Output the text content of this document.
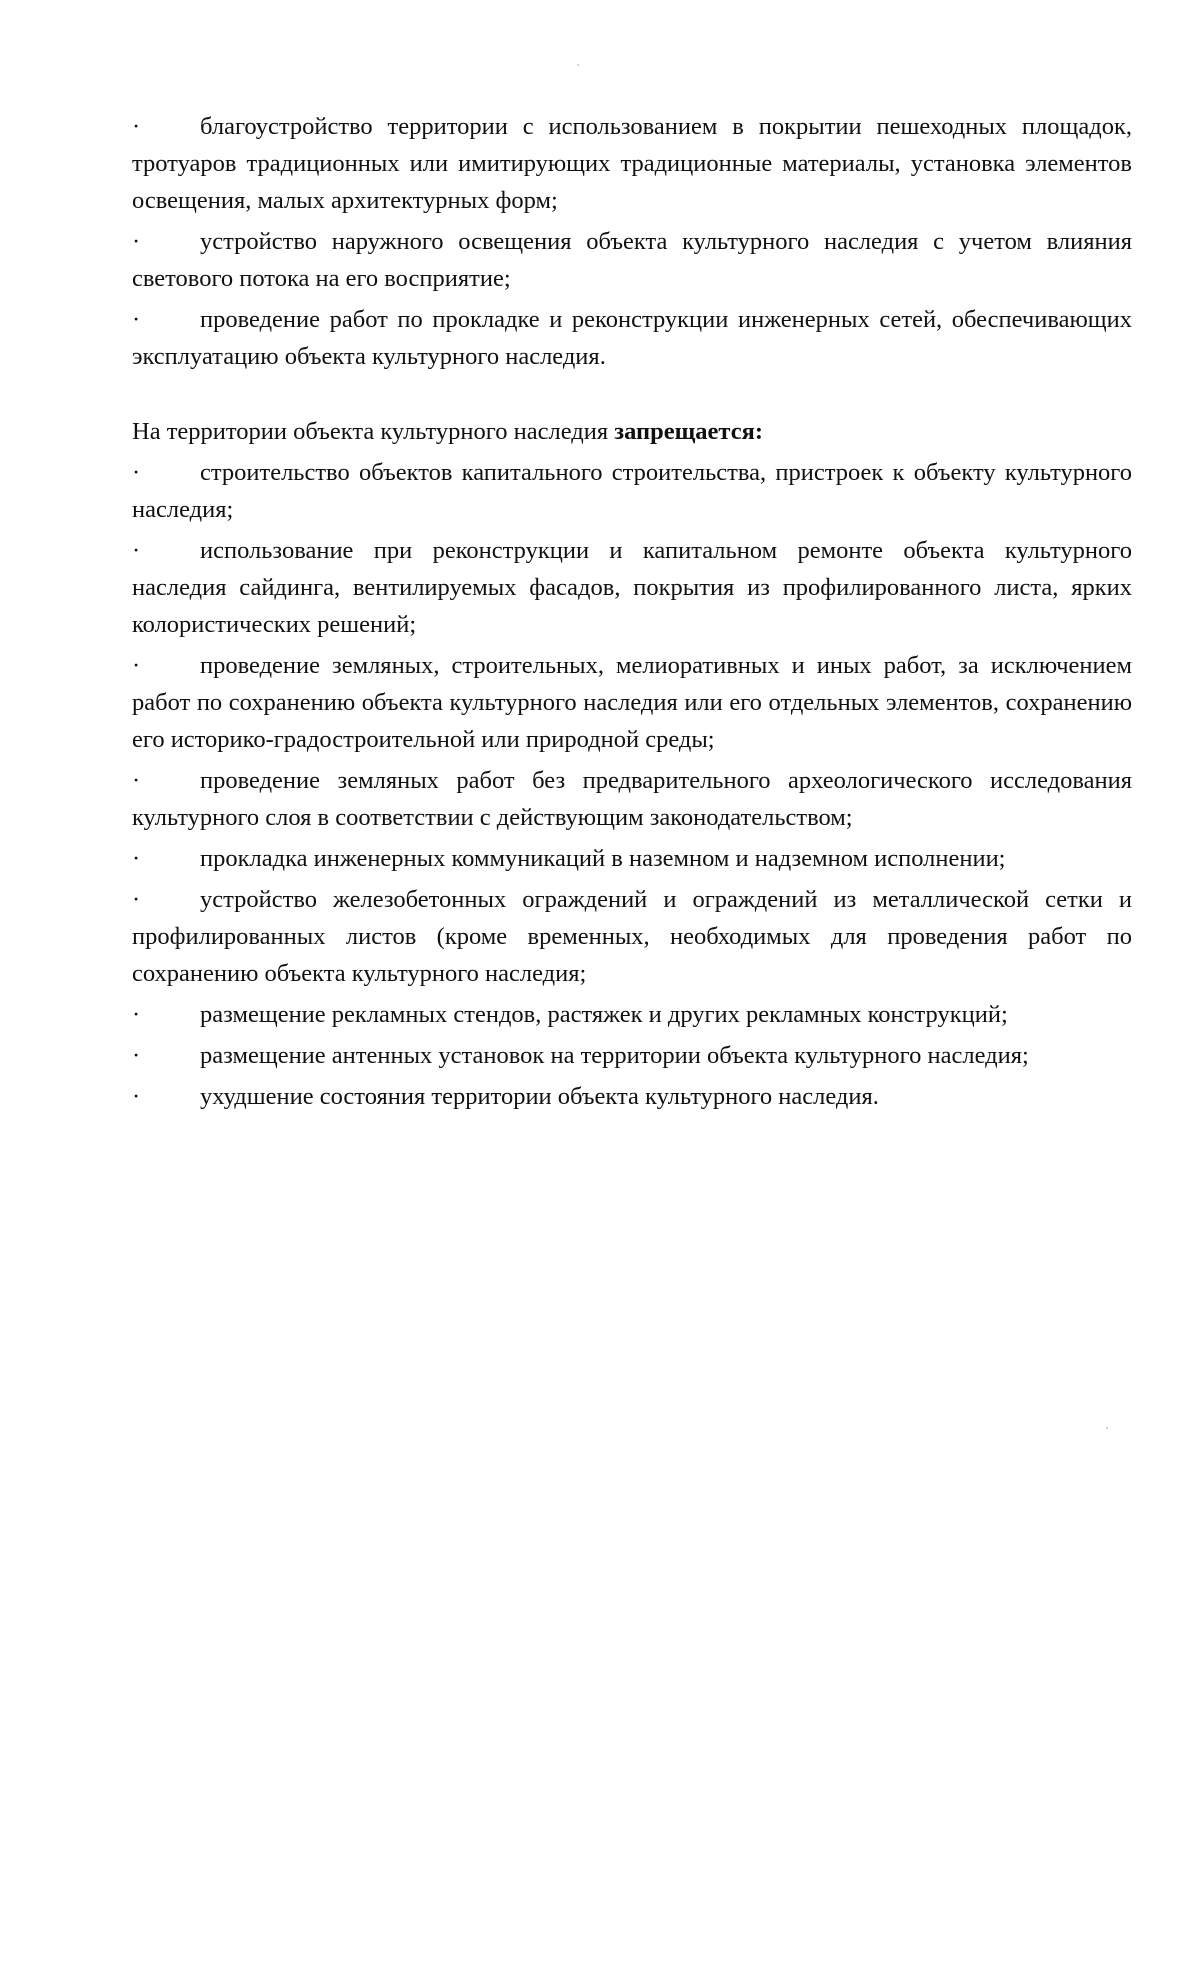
· благоустройство территории с использованием в покрытии пешеходных площадок, тротуаров традиционных или имитирующих традиционные материалы, установка элементов освещения, малых архитектурных форм;
· устройство наружного освещения объекта культурного наследия с учетом влияния светового потока на его восприятие;
· проведение работ по прокладке и реконструкции инженерных сетей, обеспечивающих эксплуатацию объекта культурного наследия.
На территории объекта культурного наследия запрещается:
· строительство объектов капитального строительства, пристроек к объекту культурного наследия;
· использование при реконструкции и капитальном ремонте объекта культурного наследия сайдинга, вентилируемых фасадов, покрытия из профилированного листа, ярких колористических решений;
· проведение земляных, строительных, мелиоративных и иных работ, за исключением работ по сохранению объекта культурного наследия или его отдельных элементов, сохранению его историко-градостроительной или природной среды;
· проведение земляных работ без предварительного археологического исследования культурного слоя в соответствии с действующим законодательством;
· прокладка инженерных коммуникаций в наземном и надземном исполнении;
· устройство железобетонных ограждений и ограждений из металлической сетки и профилированных листов (кроме временных, необходимых для проведения работ по сохранению объекта культурного наследия;
· размещение рекламных стендов, растяжек и других рекламных конструкций;
· размещение антенных установок на территории объекта культурного наследия;
· ухудшение состояния территории объекта культурного наследия.
